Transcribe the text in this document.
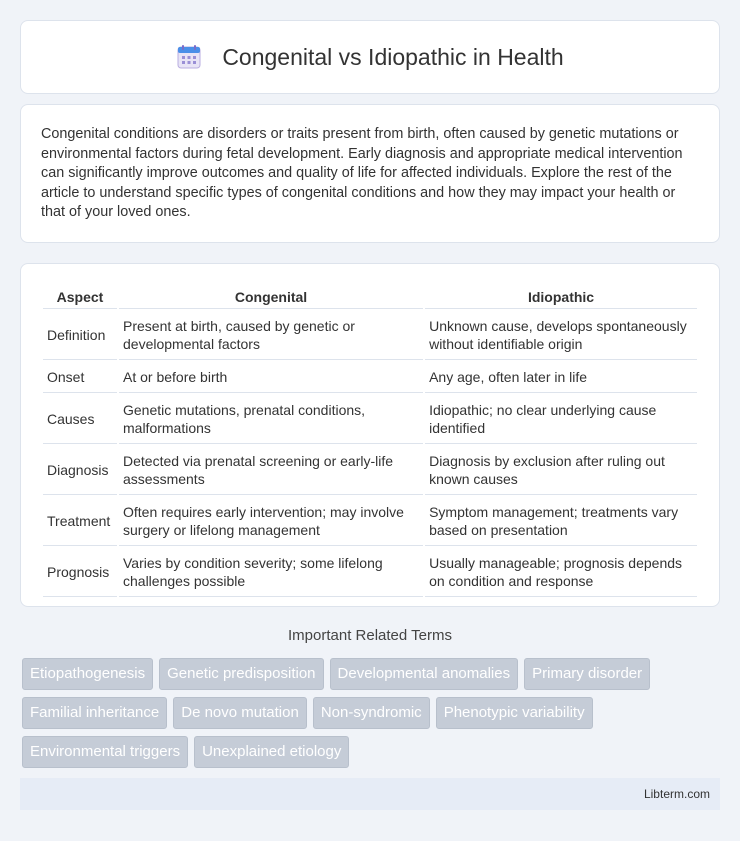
Congenital vs Idiopathic in Health

Congenital conditions are disorders or traits present from birth, often caused by genetic mutations or environmental factors during fetal development. Early diagnosis and appropriate medical intervention can significantly improve outcomes and quality of life for affected individuals. Explore the rest of the article to understand specific types of congenital conditions and how they may impact your health or that of your loved ones.

Aspect	Congenital	Idiopathic
Definition	Present at birth, caused by genetic or developmental factors	Unknown cause, develops spontaneously without identifiable origin
Onset	At or before birth	Any age, often later in life
Causes	Genetic mutations, prenatal conditions, malformations	Idiopathic; no clear underlying cause identified
Diagnosis	Detected via prenatal screening or early-life assessments	Diagnosis by exclusion after ruling out known causes
Treatment	Often requires early intervention; may involve surgery or lifelong management	Symptom management; treatments vary based on presentation
Prognosis	Varies by condition severity; some lifelong challenges possible	Usually manageable; prognosis depends on condition and response
Important Related Terms
Etiopathogenesis	Genetic predisposition	Developmental anomalies	Primary disorder
Familial inheritance	De novo mutation	Non-syndromic	Phenotypic variability
Environmental triggers	Unexplained etiology
Libterm.com
